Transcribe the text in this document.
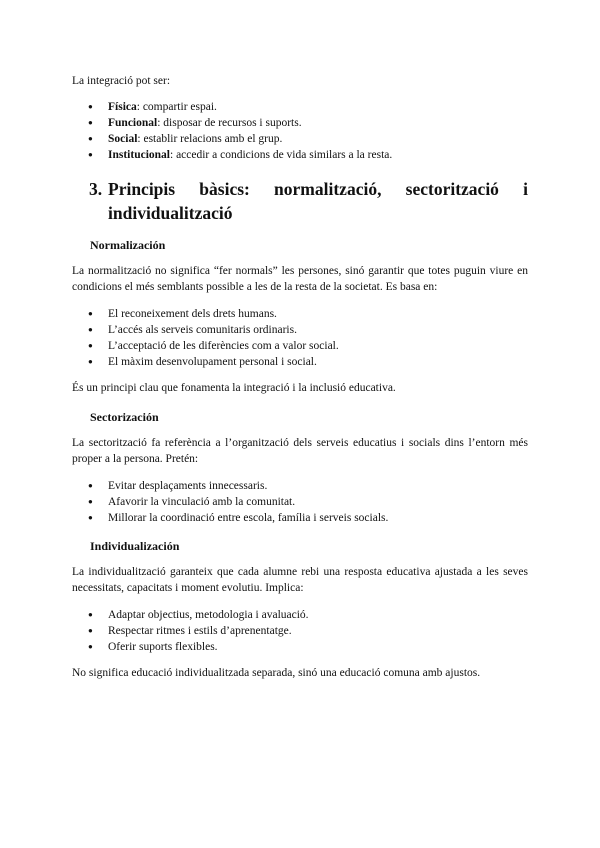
La integració pot ser:

● Física: compartir espai.
● Funcional: disposar de recursos i suports.
● Social: establir relacions amb el grup.
● Institucional: accedir a condicions de vida similars a la resta.
3. Principis bàsics: normalització, sectorització i individualització
Normalización

La normalització no significa “fer normals” les persones, sinó garantir que totes puguin viure en condicions el més semblants possible a les de la resta de la societat. Es basa en:

● El reconeixement dels drets humans.
● L’accés als serveis comunitaris ordinaris.
● L’acceptació de les diferències com a valor social.
● El màxim desenvolupament personal i social.

És un principi clau que fonamenta la integració i la inclusió educativa.

Sectorización

La sectorització fa referència a l’organització dels serveis educatius i socials dins l’entorn més proper a la persona. Pretén:

● Evitar desplaçaments innecessaris.
● Afavorir la vinculació amb la comunitat.
● Millorar la coordinació entre escola, família i serveis socials.
Individualización

La individualització garanteix que cada alumne rebi una resposta educativa ajustada a les seves necessitats, capacitats i moment evolutiu. Implica:

● Adaptar objectius, metodologia i avaluació.
● Respectar ritmes i estils d’aprenentatge.
● Oferir suports flexibles.

No significa educació individualitzada separada, sinó una educació comuna amb ajustos.
